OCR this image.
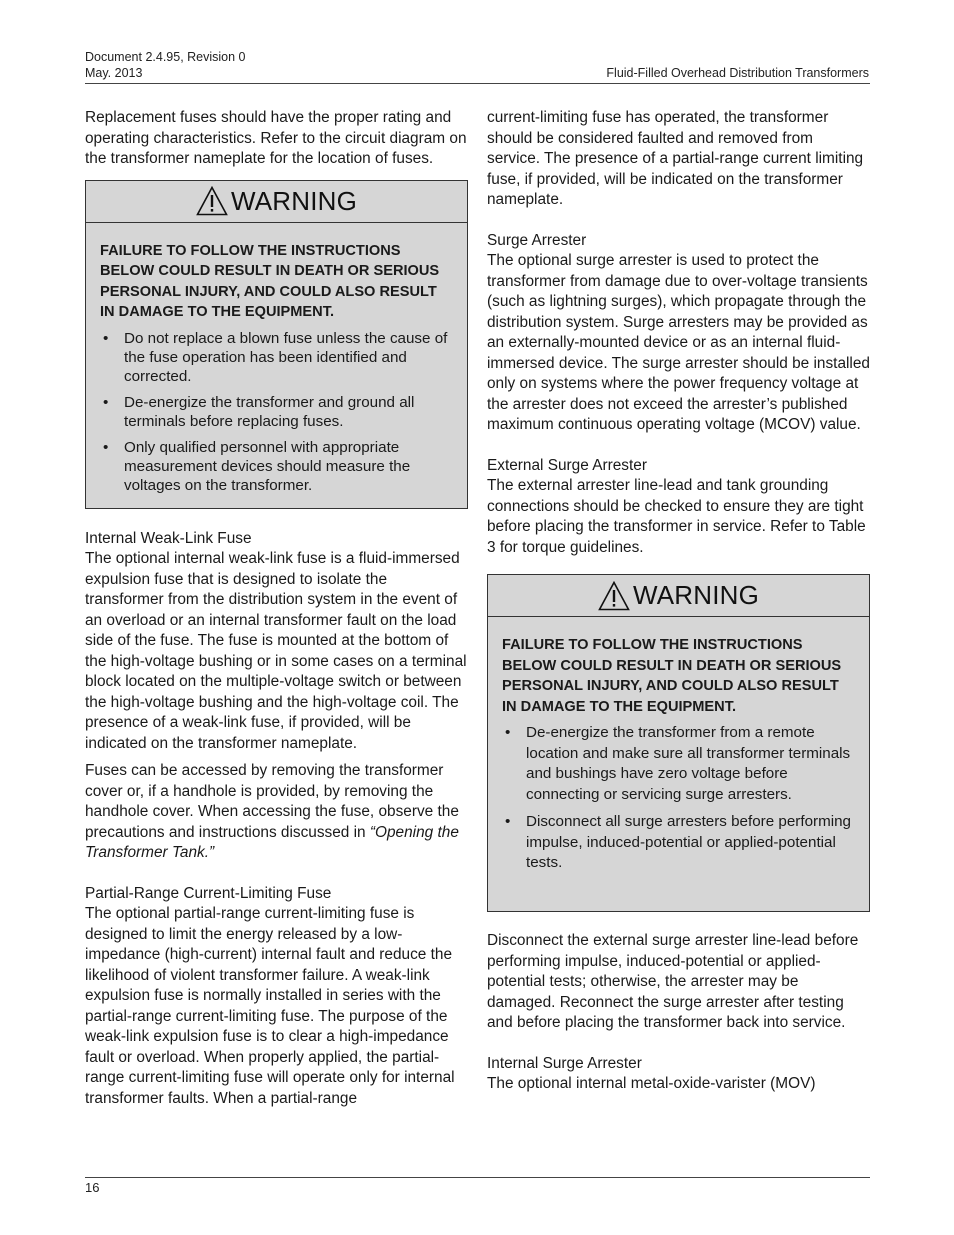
Document 2.4.95, Revision 0
May. 2013	Fluid-Filled Overhead Distribution Transformers

Replacement fuses should have the proper rating and operating characteristics. Refer to the circuit diagram on the transformer nameplate for the location of fuses.

WARNING
FAILURE TO FOLLOW THE INSTRUCTIONS BELOW COULD RESULT IN DEATH OR SERIOUS PERSONAL INJURY, AND COULD ALSO RESULT IN DAMAGE TO THE EQUIPMENT.
• Do not replace a blown fuse unless the cause of the fuse operation has been identified and corrected.
• De-energize the transformer and ground all terminals before replacing fuses.
• Only qualified personnel with appropriate measurement devices should measure the voltages on the transformer.

Internal Weak-Link Fuse
The optional internal weak-link fuse is a fluid-immersed expulsion fuse that is designed to isolate the transformer from the distribution system in the event of an overload or an internal transformer fault on the load side of the fuse. The fuse is mounted at the bottom of the high-voltage bushing or in some cases on a terminal block located on the multiple-voltage switch or between the high-voltage bushing and the high-voltage coil. The presence of a weak-link fuse, if provided, will be indicated on the transformer nameplate.

Fuses can be accessed by removing the transformer cover or, if a handhole is provided, by removing the handhole cover. When accessing the fuse, observe the precautions and instructions discussed in “Opening the Transformer Tank.”

Partial-Range Current-Limiting Fuse
The optional partial-range current-limiting fuse is designed to limit the energy released by a low-impedance (high-current) internal fault and reduce the likelihood of violent transformer failure. A weak-link expulsion fuse is normally installed in series with the partial-range current-limiting fuse. The purpose of the weak-link expulsion fuse is to clear a high-impedance fault or overload. When properly applied, the partial-range current-limiting fuse will operate only for internal transformer faults. When a partial-range

current-limiting fuse has operated, the transformer should be considered faulted and removed from service. The presence of a partial-range current limiting fuse, if provided, will be indicated on the transformer nameplate.

Surge Arrester
The optional surge arrester is used to protect the transformer from damage due to over-voltage transients (such as lightning surges), which propagate through the distribution system. Surge arresters may be provided as an externally-mounted device or as an internal fluid-immersed device. The surge arrester should be installed only on systems where the power frequency voltage at the arrester does not exceed the arrester’s published maximum continuous operating voltage (MCOV) value.

External Surge Arrester
The external arrester line-lead and tank grounding connections should be checked to ensure they are tight before placing the transformer in service. Refer to Table 3 for torque guidelines.

WARNING
FAILURE TO FOLLOW THE INSTRUCTIONS BELOW COULD RESULT IN DEATH OR SERIOUS PERSONAL INJURY, AND COULD ALSO RESULT IN DAMAGE TO THE EQUIPMENT.
• De-energize the transformer from a remote location and make sure all transformer terminals and bushings have zero voltage before connecting or servicing surge arresters.
• Disconnect all surge arresters before performing impulse, induced-potential or applied-potential tests.

Disconnect the external surge arrester line-lead before performing impulse, induced-potential or applied-potential tests; otherwise, the arrester may be damaged. Reconnect the surge arrester after testing and before placing the transformer back into service.

Internal Surge Arrester
The optional internal metal-oxide-varister (MOV)

16
